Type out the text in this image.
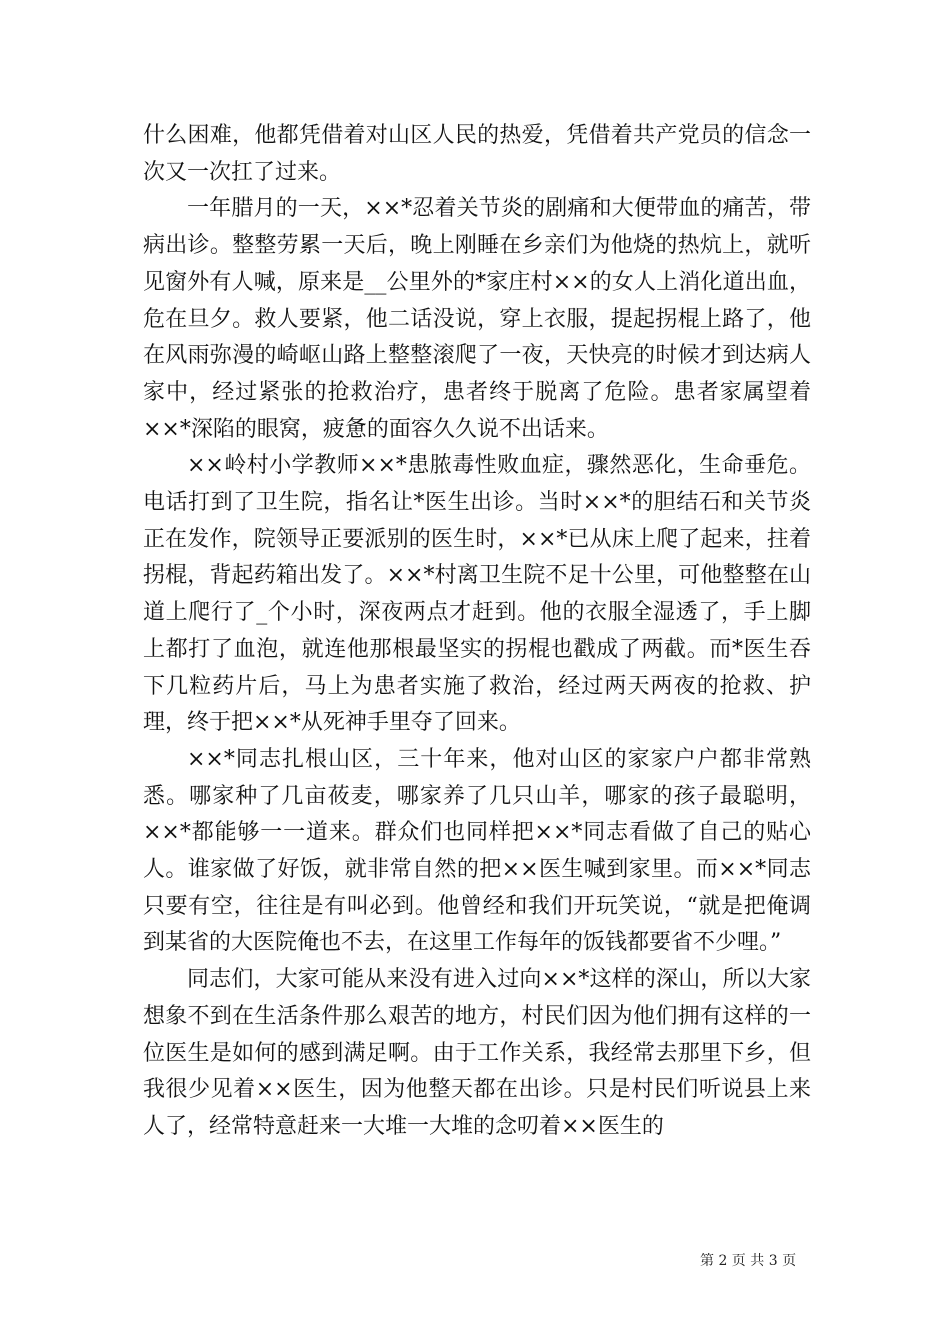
什么困难，他都凭借着对山区人民的热爱，凭借着共产党员的信念一次又一次扛了过来。

一年腊月的一天，××*忍着关节炎的剧痛和大便带血的痛苦，带病出诊。整整劳累一天后，晚上刚睡在乡亲们为他烧的热炕上，就听见窗外有人喊，原来是__公里外的*家庄村××的女人上消化道出血，危在旦夕。救人要紧，他二话没说，穿上衣服，提起拐棍上路了，他在风雨弥漫的崎岖山路上整整滚爬了一夜，天快亮的时候才到达病人家中，经过紧张的抢救治疗，患者终于脱离了危险。患者家属望着××*深陷的眼窝，疲惫的面容久久说不出话来。

××岭村小学教师××*患脓毒性败血症，骤然恶化，生命垂危。电话打到了卫生院，指名让*医生出诊。当时××*的胆结石和关节炎正在发作，院领导正要派别的医生时，××*已从床上爬了起来，拄着拐棍，背起药箱出发了。××*村离卫生院不足十公里，可他整整在山道上爬行了_个小时，深夜两点才赶到。他的衣服全湿透了，手上脚上都打了血泡，就连他那根最坚实的拐棍也戳成了两截。而*医生吞下几粒药片后，马上为患者实施了救治，经过两天两夜的抢救、护理，终于把××*从死神手里夺了回来。

××*同志扎根山区，三十年来，他对山区的家家户户都非常熟悉。哪家种了几亩莜麦，哪家养了几只山羊，哪家的孩子最聪明，××*都能够一一道来。群众们也同样把××*同志看做了自己的贴心人。谁家做了好饭，就非常自然的把××医生喊到家里。而××*同志只要有空，往往是有叫必到。他曾经和我们开玩笑说，“就是把俺调到某省的大医院俺也不去，在这里工作每年的饭钱都要省不少哩。”

同志们，大家可能从来没有进入过向××*这样的深山，所以大家想象不到在生活条件那么艰苦的地方，村民们因为他们拥有这样的一位医生是如何的感到满足啊。由于工作关系，我经常去那里下乡，但我很少见着××医生，因为他整天都在出诊。只是村民们听说县上来人了，经常特意赶来一大堆一大堆的念叨着××医生的

第 2 页 共 3 页
